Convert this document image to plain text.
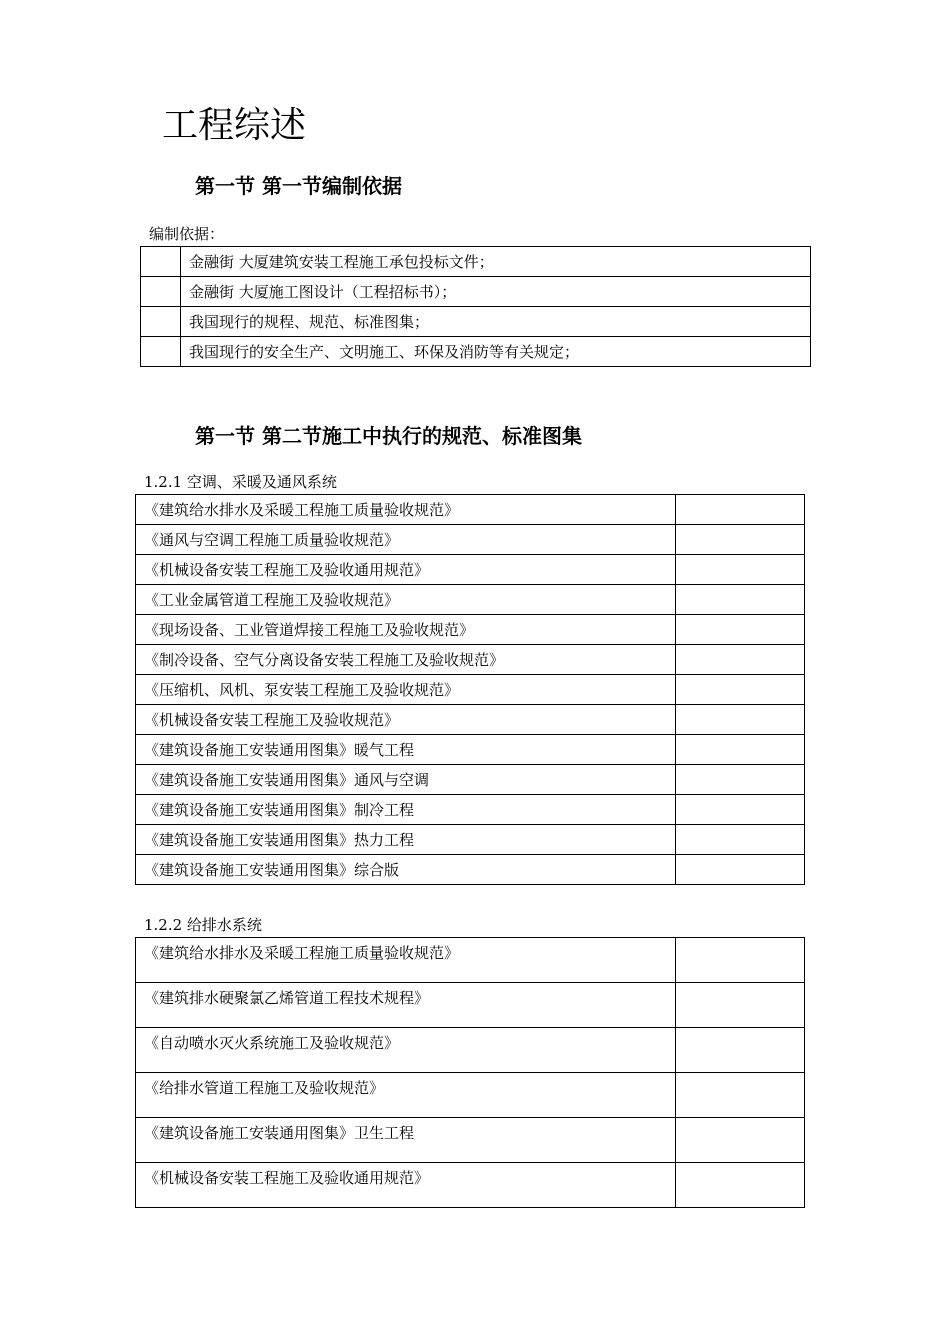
工程综述
第一节 第一节编制依据
编制依据：
	金融街 大厦建筑安装工程施工承包投标文件；
	金融街 大厦施工图设计（工程招标书）；
	我国现行的规程、规范、标准图集；
	我国现行的安全生产、文明施工、环保及消防等有关规定；
第一节 第二节施工中执行的规范、标准图集
1.2.1 空调、采暖及通风系统
《建筑给水排水及采暖工程施工质量验收规范》	
《通风与空调工程施工质量验收规范》	
《机械设备安装工程施工及验收通用规范》	
《工业金属管道工程施工及验收规范》	
《现场设备、工业管道焊接工程施工及验收规范》	
《制冷设备、空气分离设备安装工程施工及验收规范》	
《压缩机、风机、泵安装工程施工及验收规范》	
《机械设备安装工程施工及验收规范》	
《建筑设备施工安装通用图集》暖气工程	
《建筑设备施工安装通用图集》通风与空调	
《建筑设备施工安装通用图集》制冷工程	
《建筑设备施工安装通用图集》热力工程	
《建筑设备施工安装通用图集》综合版	
1.2.2 给排水系统
《建筑给水排水及采暖工程施工质量验收规范》	
《建筑排水硬聚氯乙烯管道工程技术规程》	
《自动喷水灭火系统施工及验收规范》	
《给排水管道工程施工及验收规范》	
《建筑设备施工安装通用图集》卫生工程	
《机械设备安装工程施工及验收通用规范》	
